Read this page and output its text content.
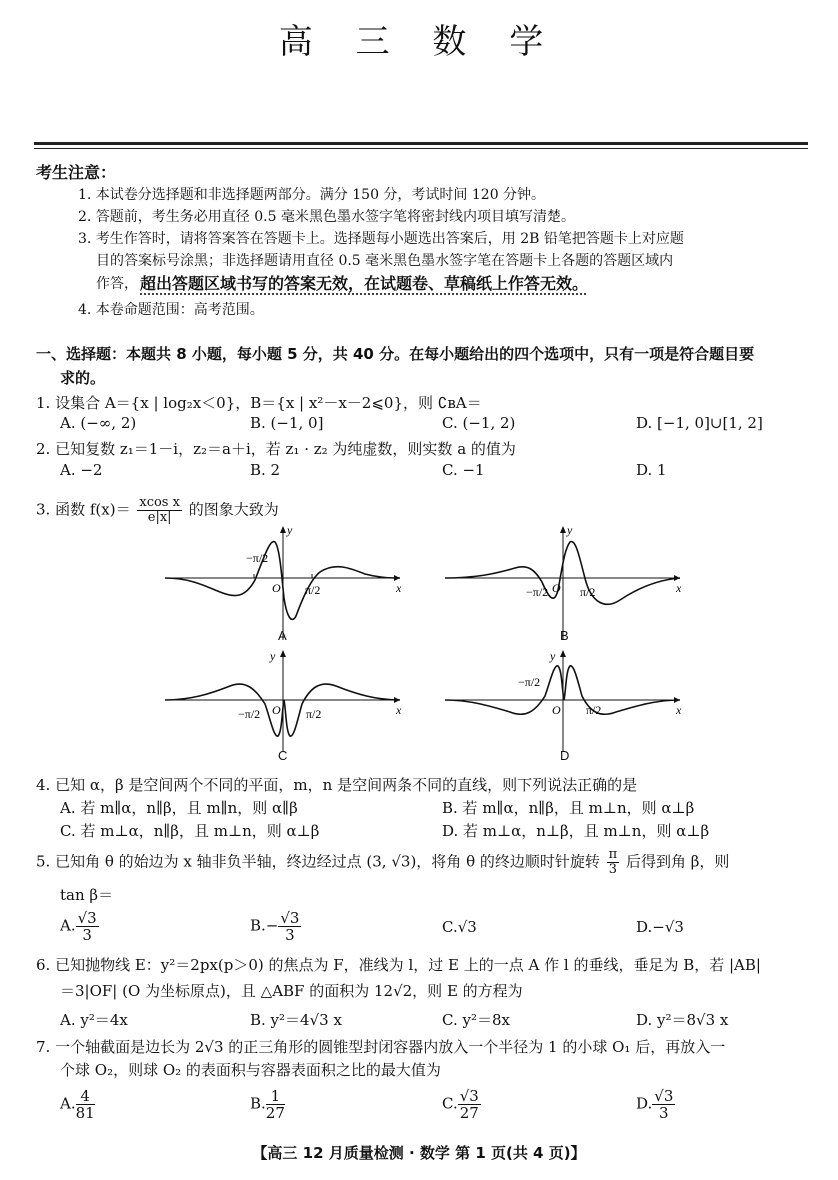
高 三 数 学
考生注意：
1. 本试卷分选择题和非选择题两部分。满分 150 分，考试时间 120 分钟。
2. 答题前，考生务必用直径 0.5 毫米黑色墨水签字笔将密封线内项目填写清楚。
3. 考生作答时，请将答案答在答题卡上。选择题每小题选出答案后，用 2B 铅笔把答题卡上对应题
目的答案标号涂黑；非选择题请用直径 0.5 毫米黑色墨水签字笔在答题卡上各题的答题区域内
作答， 超出答题区域书写的答案无效，在试题卷、草稿纸上作答无效。
4. 本卷命题范围：高考范围。
一、选择题：本题共 8 小题，每小题 5 分，共 40 分。在每小题给出的四个选项中，只有一项是符合题目要
求的。
1. 设集合 A＝{x | log₂x＜0}，B＝{x | x²－x－2⩽0}，则 ∁ʙA＝
A. (−∞, 2)	B. (−1, 0]	C. (−1, 2)	D. [−1, 0]∪[1, 2]
2. 已知复数 z₁＝1－i，z₂＝a＋i，若 z₁ · z₂ 为纯虚数，则实数 a 的值为
A. −2	B. 2	C. −1	D. 1
3. 函数 $f(x)= \frac{\text{xcos x}}{e|x|}$ 的图象大致为
−π/2
π/2
O	x
y
A
−π/2	π/2
O	x
y
B
−π/2	π/2
O	x
y
C
−π/2
π/2
O	x
y
D
4. 已知 α，β 是空间两个不同的平面，m，n 是空间两条不同的直线，则下列说法正确的是
A. 若 m∥α，n∥β，且 m∥n，则 α∥β	B. 若 m∥α，n∥β，且 m⊥n，则 α⊥β
C. 若 m⊥α，n∥β，且 m⊥n，则 α⊥β	D. 若 m⊥α，n⊥β，且 m⊥n，则 α⊥β
5. 已知角 θ 的始边为 x 轴非负半轴，终边经过点 (3, √3)，将角 θ 的终边顺时针旋转 $\frac{\pi}{3}$ 后得到角 β，则
tan β＝
A. $\frac{√3}{3}$	$B.- \frac{√3}{3}$	C.√3	D.−√3
6. 已知抛物线 E：y²＝2px(p＞0) 的焦点为 F，准线为 l，过 E 上的一点 A 作 l 的垂线，垂足为 B，若 |AB|
＝3|OF| (O 为坐标原点)，且 △ABF 的面积为 12√2，则 E 的方程为
A. y²＝4x	B. y²＝4√3 x	C. y²＝8x	D. y²＝8√3 x
7. 一个轴截面是边长为 2√3 的正三角形的圆锥型封闭容器内放入一个半径为 1 的小球 O₁ 后，再放入一
个球 O₂，则球 O₂ 的表面积与容器表面积之比的最大值为
A. $\frac{4}{81}$	B. $\frac{1}{27}$	C. $\frac{√3}{27}$	D. $\frac{√3}{3}$
【高三 12 月质量检测 · 数学 第 1 页(共 4 页)】
